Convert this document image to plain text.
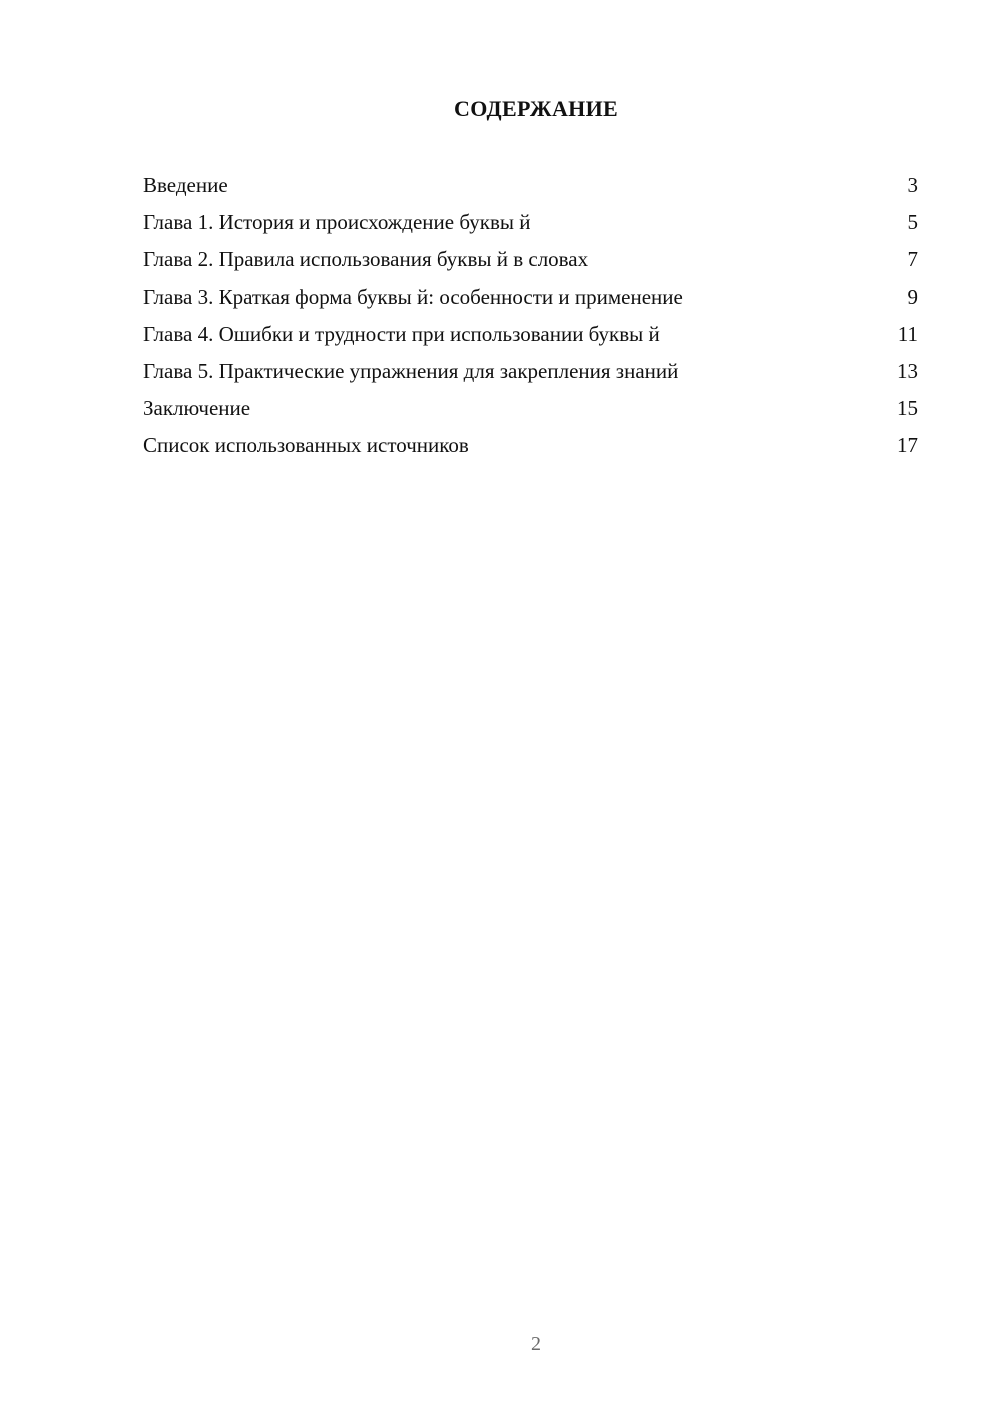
СОДЕРЖАНИЕ
Введение	3
Глава 1. История и происхождение буквы й	5
Глава 2. Правила использования буквы й в словах	7
Глава 3. Краткая форма буквы й: особенности и применение	9
Глава 4. Ошибки и трудности при использовании буквы й	11
Глава 5. Практические упражнения для закрепления знаний	13
Заключение	15
Список использованных источников	17
2
